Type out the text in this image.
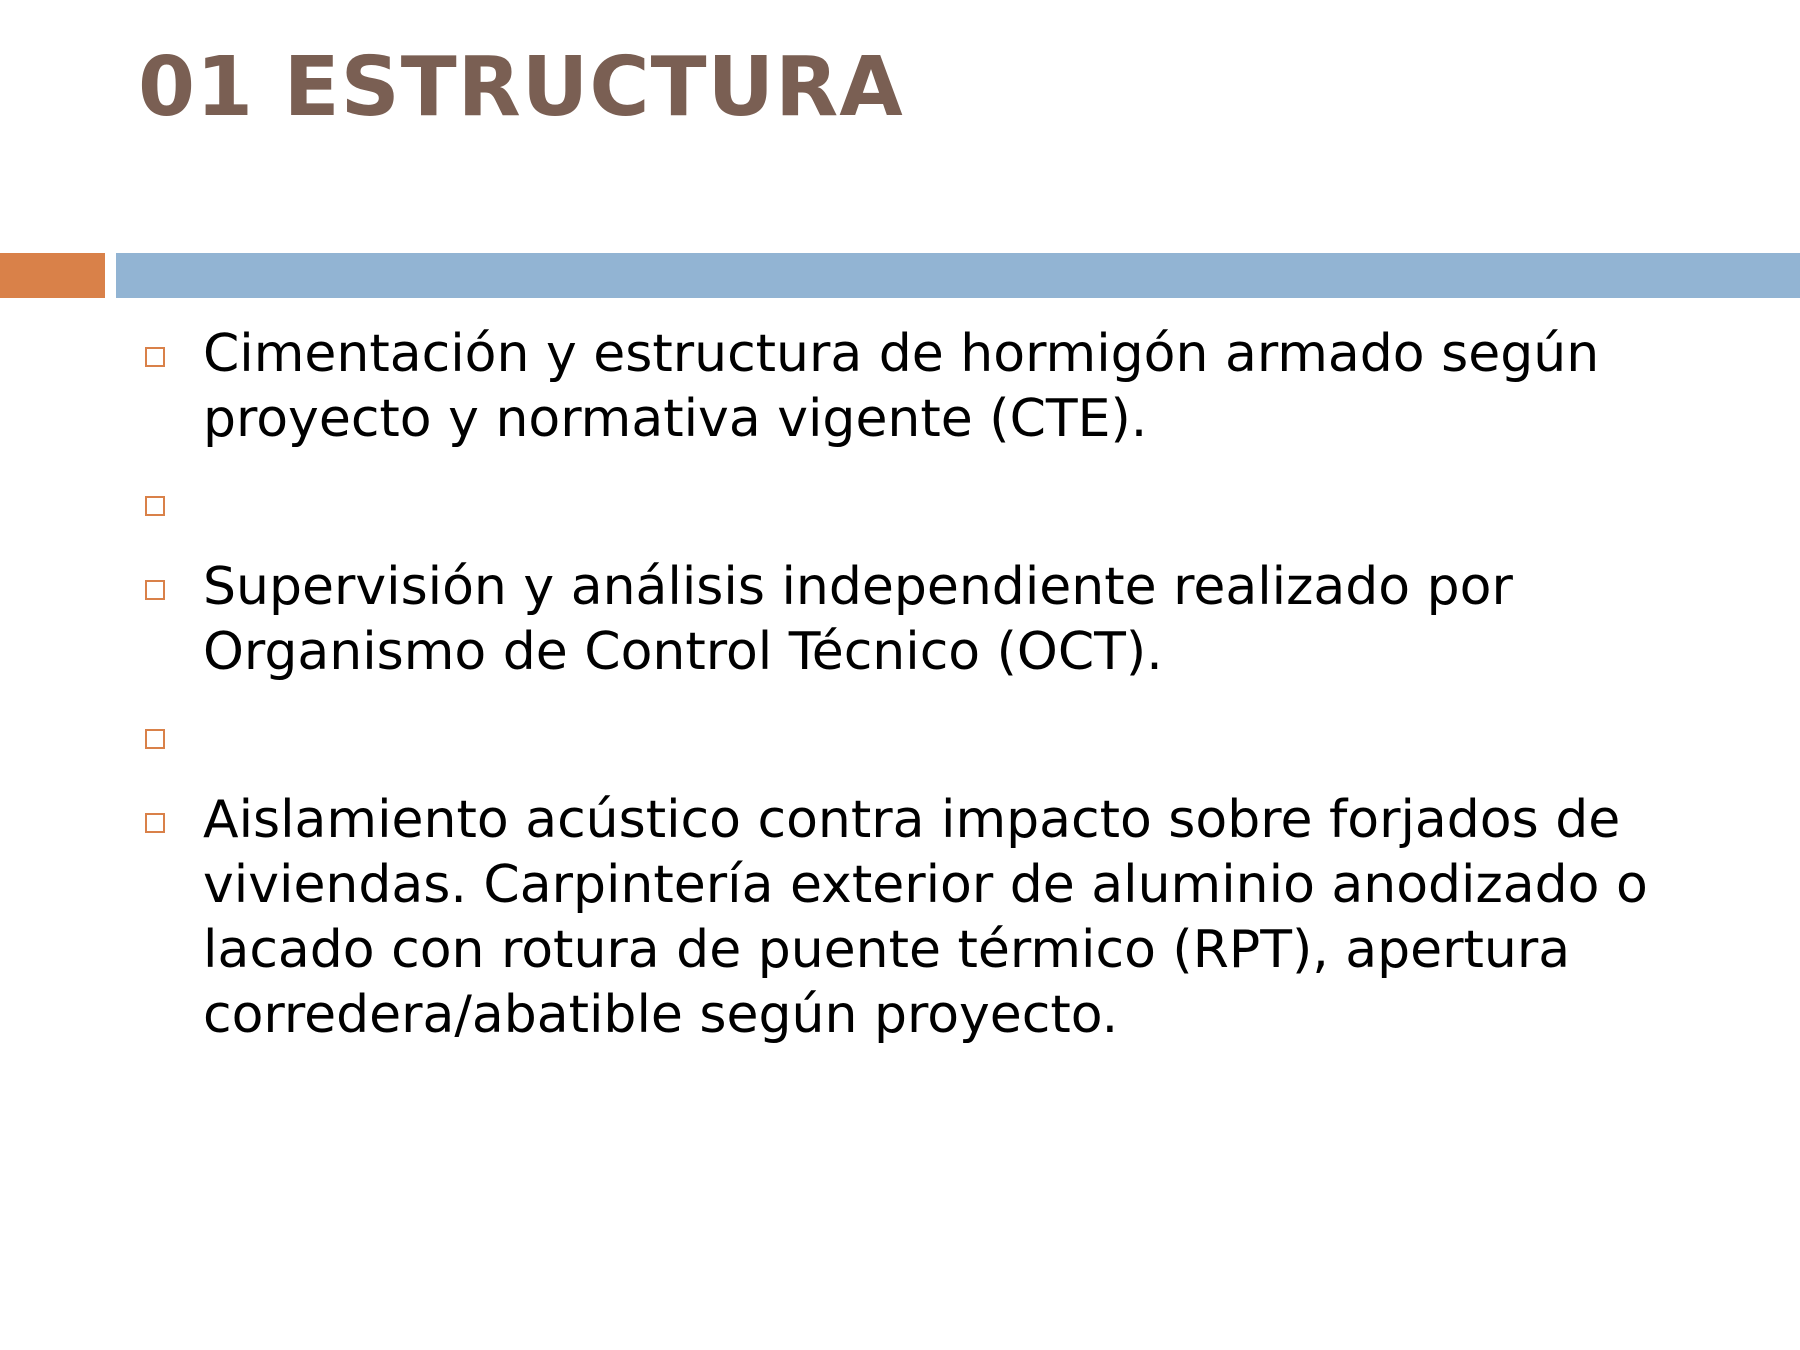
01 ESTRUCTURA
Cimentación y estructura de hormigón armado según proyecto y normativa vigente (CTE).
Supervisión y análisis independiente realizado por Organismo de Control Técnico (OCT).
Aislamiento acústico contra impacto sobre forjados de viviendas. Carpintería exterior de aluminio anodizado o lacado con rotura de puente térmico (RPT), apertura corredera/abatible según proyecto.
